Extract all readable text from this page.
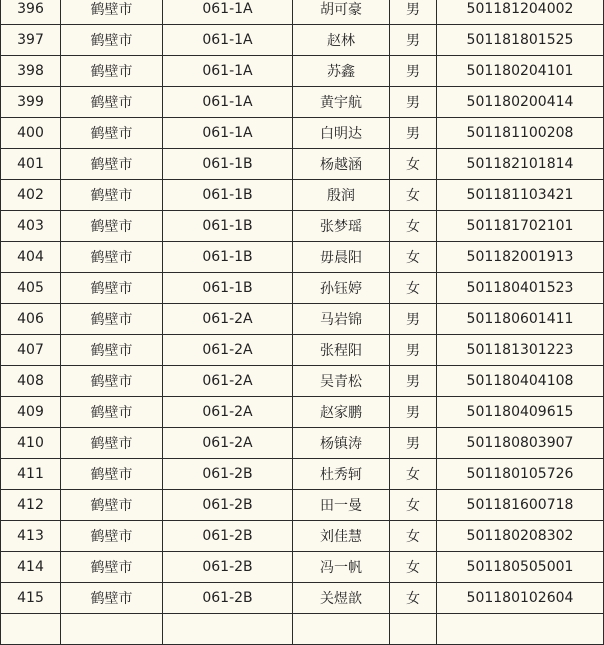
396	鹤壁市	061-1A	胡可豪	男	501181204002
397	鹤壁市	061-1A	赵林	男	501181801525
398	鹤壁市	061-1A	苏鑫	男	501180204101
399	鹤壁市	061-1A	黄宇航	男	501180200414
400	鹤壁市	061-1A	白明达	男	501181100208
401	鹤壁市	061-1B	杨越涵	女	501182101814
402	鹤壁市	061-1B	殷润	女	501181103421
403	鹤壁市	061-1B	张梦瑶	女	501181702101
404	鹤壁市	061-1B	毋晨阳	女	501182001913
405	鹤壁市	061-1B	孙钰婷	女	501180401523
406	鹤壁市	061-2A	马岩锦	男	501180601411
407	鹤壁市	061-2A	张程阳	男	501181301223
408	鹤壁市	061-2A	吴青松	男	501180404108
409	鹤壁市	061-2A	赵家鹏	男	501180409615
410	鹤壁市	061-2A	杨镇涛	男	501180803907
411	鹤壁市	061-2B	杜秀轲	女	501180105726
412	鹤壁市	061-2B	田一曼	女	501181600718
413	鹤壁市	061-2B	刘佳慧	女	501180208302
414	鹤壁市	061-2B	冯一帆	女	501180505001
415	鹤壁市	061-2B	关煜歆	女	501180102604
